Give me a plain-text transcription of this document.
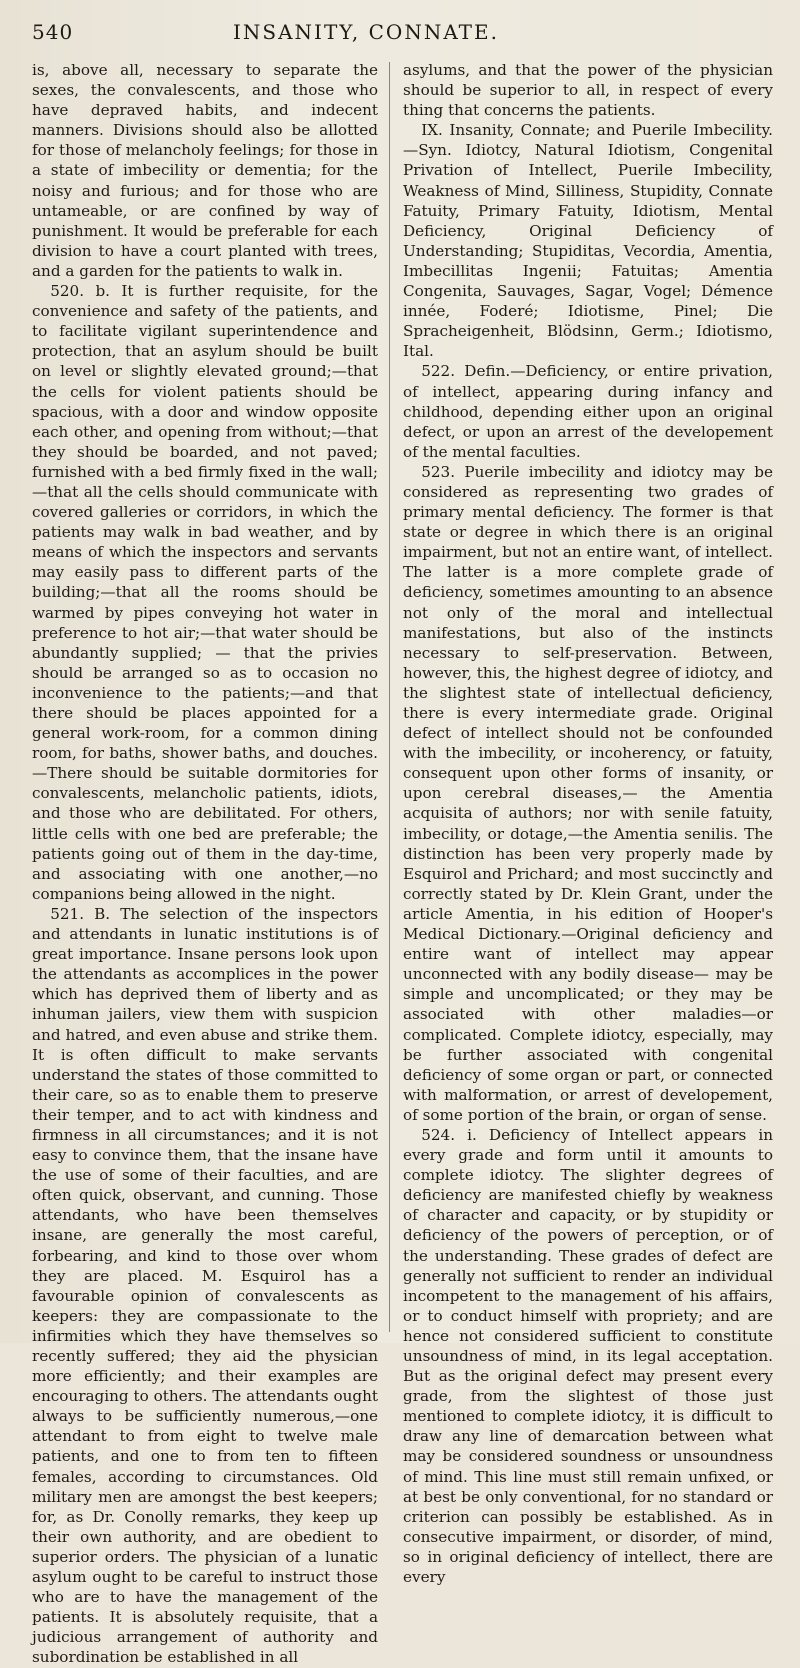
540	INSANITY, CONNATE.

is, above all, necessary to separate the sexes, the convalescents, and those who have depraved habits, and indecent manners. Divisions should also be allotted for those of melancholy feelings; for those in a state of imbecility or dementia; for the noisy and furious; and for those who are untameable, or are confined by way of punishment. It would be preferable for each division to have a court planted with trees, and a garden for the patients to walk in.

520. b. It is further requisite, for the convenience and safety of the patients, and to facilitate vigilant superintendence and protection, that an asylum should be built on level or slightly elevated ground;—that the cells for violent patients should be spacious, with a door and window opposite each other, and opening from without;—that they should be boarded, and not paved; furnished with a bed firmly fixed in the wall;—that all the cells should communicate with covered galleries or corridors, in which the patients may walk in bad weather, and by means of which the inspectors and servants may easily pass to different parts of the building;—that all the rooms should be warmed by pipes conveying hot water in preference to hot air;—that water should be abundantly supplied; — that the privies should be arranged so as to occasion no inconvenience to the patients;—and that there should be places appointed for a general work-room, for a common dining room, for baths, shower baths, and douches.—There should be suitable dormitories for convalescents, melancholic patients, idiots, and those who are debilitated. For others, little cells with one bed are preferable; the patients going out of them in the day-time, and associating with one another,—no companions being allowed in the night.

521. B. The selection of the inspectors and attendants in lunatic institutions is of great importance. Insane persons look upon the attendants as accomplices in the power which has deprived them of liberty and as inhuman jailers, view them with suspicion and hatred, and even abuse and strike them. It is often difficult to make servants understand the states of those committed to their care, so as to enable them to preserve their temper, and to act with kindness and firmness in all circumstances; and it is not easy to convince them, that the insane have the use of some of their faculties, and are often quick, observant, and cunning. Those attendants, who have been themselves insane, are generally the most careful, forbearing, and kind to those over whom they are placed. M. Esquirol has a favourable opinion of convalescents as keepers: they are compassionate to the infirmities which they have themselves so recently suffered; they aid the physician more efficiently; and their examples are encouraging to others. The attendants ought always to be sufficiently numerous,—one attendant to from eight to twelve male patients, and one to from ten to fifteen females, according to circumstances. Old military men are amongst the best keepers; for, as Dr. Conolly remarks, they keep up their own authority, and are obedient to superior orders. The physician of a lunatic asylum ought to be careful to instruct those who are to have the management of the patients. It is absolutely requisite, that a judicious arrangement of authority and subordination be established in all

asylums, and that the power of the physician should be superior to all, in respect of every thing that concerns the patients.

IX. Insanity, Connate; and Puerile Imbecility.—Syn. Idiotcy, Natural Idiotism, Congenital Privation of Intellect, Puerile Imbecility, Weakness of Mind, Silliness, Stupidity, Connate Fatuity, Primary Fatuity, Idiotism, Mental Deficiency, Original Deficiency of Understanding; Stupiditas, Vecordia, Amentia, Imbecillitas Ingenii; Fatuitas; Amentia Congenita, Sauvages, Sagar, Vogel; Démence innée, Foderé; Idiotisme, Pinel; Die Spracheigenheit, Blödsinn, Germ.; Idiotismo, Ital.

522. Defin.—Deficiency, or entire privation, of intellect, appearing during infancy and childhood, depending either upon an original defect, or upon an arrest of the developement of the mental faculties.

523. Puerile imbecility and idiotcy may be considered as representing two grades of primary mental deficiency. The former is that state or degree in which there is an original impairment, but not an entire want, of intellect. The latter is a more complete grade of deficiency, sometimes amounting to an absence not only of the moral and intellectual manifestations, but also of the instincts necessary to self-preservation. Between, however, this, the highest degree of idiotcy, and the slightest state of intellectual deficiency, there is every intermediate grade. Original defect of intellect should not be confounded with the imbecility, or incoherency, or fatuity, consequent upon other forms of insanity, or upon cerebral diseases,— the Amentia acquisita of authors; nor with senile fatuity, imbecility, or dotage,—the Amentia senilis. The distinction has been very properly made by Esquirol and Prichard; and most succinctly and correctly stated by Dr. Klein Grant, under the article Amentia, in his edition of Hooper's Medical Dictionary.—Original deficiency and entire want of intellect may appear unconnected with any bodily disease— may be simple and uncomplicated; or they may be associated with other maladies—or complicated. Complete idiotcy, especially, may be further associated with congenital deficiency of some organ or part, or connected with malformation, or arrest of developement, of some portion of the brain, or organ of sense.

524. i. Deficiency of Intellect appears in every grade and form until it amounts to complete idiotcy. The slighter degrees of deficiency are manifested chiefly by weakness of character and capacity, or by stupidity or deficiency of the powers of perception, or of the understanding. These grades of defect are generally not sufficient to render an individual incompetent to the management of his affairs, or to conduct himself with propriety; and are hence not considered sufficient to constitute unsoundness of mind, in its legal acceptation. But as the original defect may present every grade, from the slightest of those just mentioned to complete idiotcy, it is difficult to draw any line of demarcation between what may be considered soundness or unsoundness of mind. This line must still remain unfixed, or at best be only conventional, for no standard or criterion can possibly be established. As in consecutive impairment, or disorder, of mind, so in original deficiency of intellect, there are every
